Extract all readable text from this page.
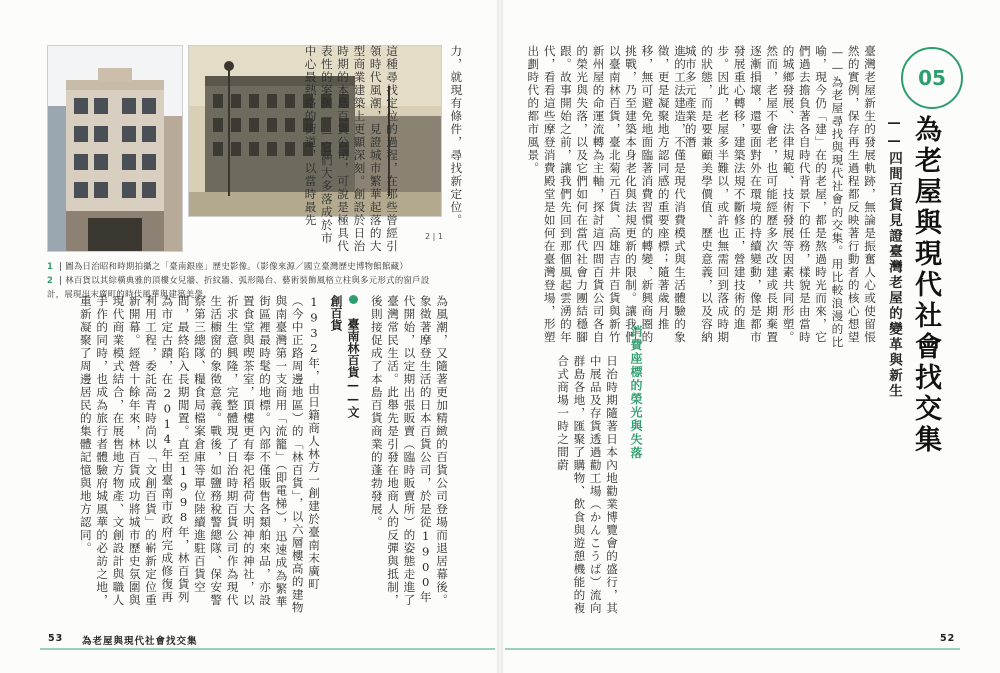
2 | 1
1 | 圖為日治昭和時期拍攝之「臺南銀座」歷史影像。（影像來源／國立臺灣歷史博物館館藏）
2 | 林百貨以其綜橫典雅的頂樓女兒牆、折紋牆、弧形陽台、藝術裝飾風格立柱與多元形式的窗戶設計，展現出末廣町的時代風華與建築美學。
力，就現有條件，尋找新定位。
這種尋找定位的過程，在那些曾經引領時代風潮，見證城市繁華起落的大型商業建築上更顯深刻。創設於日治時期的本島百貨公司，可說是極具代表性的案例——它們大多落成於市中心最熱絡的街道，以當時最先
為風潮，又隨著更加精緻的百貨公司登場而退居幕後。象徵著摩登生活的日本百貨公司，於是從1900年代開始，以定期出張販賣（臨時販賣所）的姿態走進了臺灣常民生活。此舉先是引發在地商人的反彈與抵制，後則接促成了本島百貨商業的蓬勃發展。
臺南林百貨——文創百貨
1932年，由日籍商人林方一創建於臺南末廣町（今中正路周邊地區）的「林百貨」，以六層樓高的建物與南臺灣第一支商用「流籠」（即電梯），迅速成為繁華街區裡最時髦的地標。內部不僅販售各類舶來品，亦設置食堂與喫茶室，頂樓更有奉祀稻荷大明神的神社，以祈求生意興隆，完整體現了日治時期百貨公司作為現代生活櫥窗的象徵意義。戰後，如鹽務稅警總隊、保安警察第三總隊、糧食局檔案倉庫等單位陸續進駐百貨空間，最終陷入長期閒置。直至1998年，林百貨列為市定古蹟，在2014年由臺南市政府完成修復再利用工程，委託高青時尚以「文創百貨」的嶄新定位重新開幕。經營十餘年來，林百貨成功將城市歷史氛圍與現代商業模式結合，在展售地方物產、文創設計與職人手作的同時，也成為旅行者體驗府城風華的必訪之地，重新凝聚了周邊居民的集體記憶與地方認同。
53 為老屋與現代社會找交集
05
為老屋與現代社會找交集
——四間百貨見證臺灣老屋的變革與新生
臺灣老屋新生的發展軌跡，無論是振奮人心或使留悵然的實例，保存再生過程都反映著行動者的核心想望——為老屋尋找與現代社會的交集。用比較浪漫的比喻，現今仍「建」在的老屋，都是熬過時光而來，它們過去擔負著各自時代背景下的任務，樣貌是由當時的城鄉發展、法律規範、技術發展等因素共同形塑。然而，老屋不會老，也可能經歷多次改建或長期棄置逐漸損壞，還要面對外在環境的持續變動，像是都市發展重心轉移，建築法規不斷修正，營建技術的進步。因此，老屋多半難以，或許也無需回到落成時期的狀態，而是要兼顧美學價值、歷史意義，以及容納城市多元產業的潛
進的工法建造，不僅是現代消費模式與生活體驗的象徵，更是凝聚地方認同感的重要座標；隨著歲月推移，無可避免地面臨著消費習慣的轉變、新興商圈的挑戰，乃至建築本身老化與法規更新的限制。讓我們以臺南林百貨，臺北菊元百貨、高雄吉井百貨與新竹新州屋的命運流轉為主軸，探討這四間百貨公司各自的榮光與失落，以及它們如何在當代社會力團結穩腳跟。故事開始之前，讓我們先回到那個風起雲湧的年代，看看這些摩登消費殿堂是如何在臺灣登場，形塑出劃時代的都市風景。
消費座標的榮光與失落
日治時期隨著日本內地勸業博覽會的盛行，其中展品及存貨透過勸工場（かんこうば）流向群島各地，匯聚了購物、飲食與遊憩機能的複合式商場一時之間蔚
52
